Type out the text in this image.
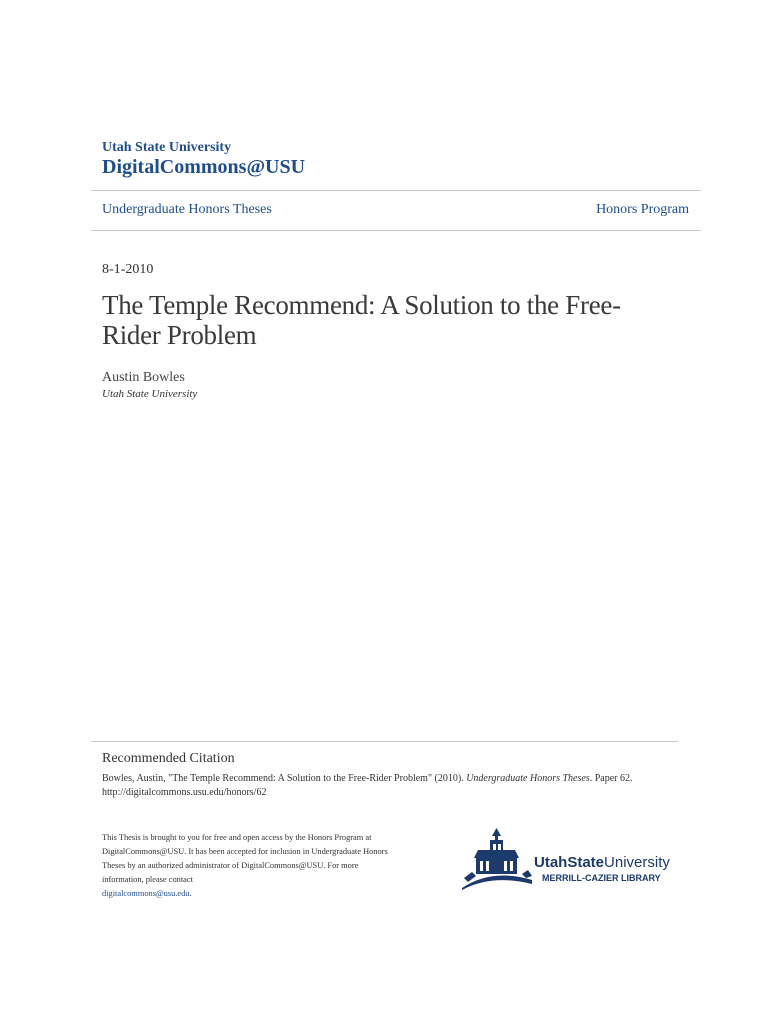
Utah State University
DigitalCommons@USU
Undergraduate Honors Theses	Honors Program
8-1-2010
The Temple Recommend: A Solution to the Free-Rider Problem
Austin Bowles
Utah State University
Recommended Citation
Bowles, Austin, "The Temple Recommend: A Solution to the Free-Rider Problem" (2010). Undergraduate Honors Theses. Paper 62.
http://digitalcommons.usu.edu/honors/62
This Thesis is brought to you for free and open access by the Honors Program at DigitalCommons@USU. It has been accepted for inclusion in Undergraduate Honors Theses by an authorized administrator of DigitalCommons@USU. For more information, please contact
digitalcommons@usu.edu.
UtahStateUniversity
MERRILL-CAZIER LIBRARY
